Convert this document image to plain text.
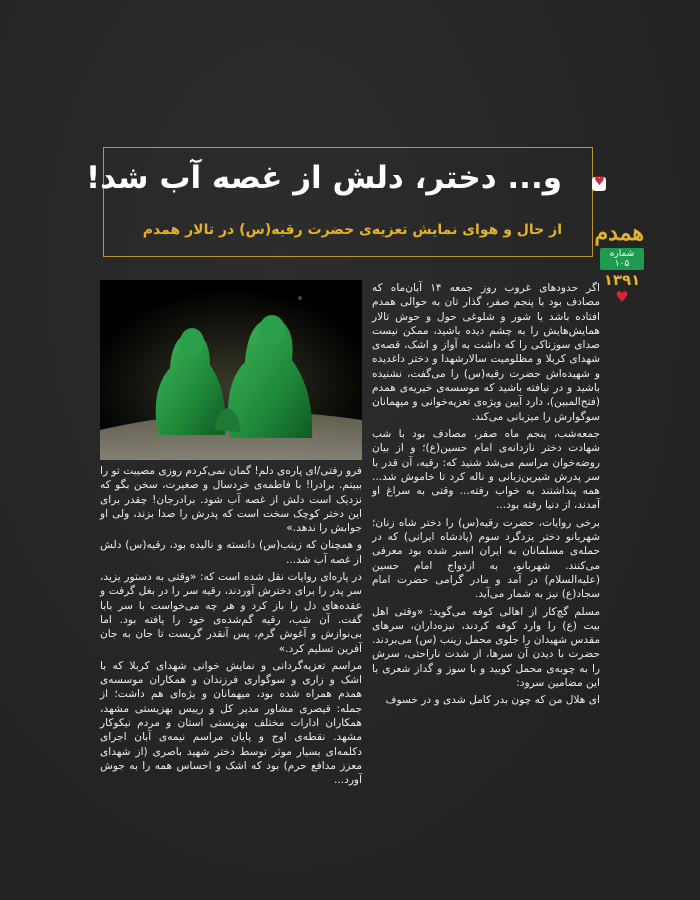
و... دختر، دلش از غصه آب شد!
از حال و هوای نمایش تعزیه‌ی حضرت رقیه(س) در تالار همدم
♥ همدم
شماره ۱۰۵
۱۳۹۱
♥

اگر حدودهای غروب روز جمعه ۱۴ آبان‌ماه که مصادف بود با پنجم صفر، گذار تان به حوالی همدم افتاده باشد یا شور و شلوغی حول و حوش تالار همایش‌هایش را به چشم دیده باشید، ممکن نیست صدای سوزناکی را که داشت به آواز و اشک، قصه‌ی شهدای کربلا و مظلومیت سالارشهدا و دختر داغدیده و شهیده‌اش حضرت رقیه(س) را می‌گفت، نشنیده باشید و در نیافته باشید که موسسه‌ی خیریه‌ی همدم (فتح‌المبین)، دارد آیین ویژه‌ی تعزیه‌خوانی و میهمانان سوگوارش را میزبانی می‌کند.

جمعه‌شب، پنجم ماه صفر، مصادف بود با شب شهادت دختر نازدانه‌ی امام حسین(ع)؛ و از بیان روضه‌خوان مراسم می‌شد شنید که: رقیه، آن قدر با سر پدرش شیرین‌زبانی و ناله کرد تا خاموش شد... همه پنداشتند به خواب رفته... وقتی به سراغ او آمدند، از دنیا رفته بود...

برخی روایات، حضرت رقیه(س) را دختر شاه زنان؛ شهربانو دختر یزدگرد سوم (پادشاه ایرانی) که در حمله‌ی مسلمانان به ایران اسیر شده بود معرفی می‌کنند. شهربانو، به ازدواج امام حسین (علیه‌السلام) در آمد و مادر گرامی حضرت امام سجاد(ع) نیز به شمار می‌آید.

مسلم گچ‌کار از اهالی کوفه می‌گوید: «وقتی اهل بیت (ع) را وارد کوفه کردند، نیزه‌داران، سرهای مقدس شهیدان را جلوی محمل زینب (س) می‌بردند. حضرت با دیدن آن سرها، از شدت ناراحتی، سرش را به چوبه‌ی محمل کوبید و با سوز و گداز شعری با این مضامین سرود:

ای هلال من که چون بدر کامل شدی و در خسوف

فرو رفتی/ای پاره‌ی دلم! گمان نمی‌کردم روزی مصیبت تو را ببینم. برادرا! با فاطمه‌ی خردسال و صغیرت، سخن بگو که نزدیک است دلش از غصه آب شود. برادرجان! چقدر برای این دختر کوچک سخت است که پدرش را صدا بزند، ولی او جوابش را ندهد.»

و همچنان که زینب(س) دانسته و نالیده بود، رقیه(س) دلش از غصه آب شد...

در پاره‌ای روایات نقل شده است که: «وقتی به دستور یزید، سر پدر را برای دخترش آوردند، رقیه سر را در بغل گرفت و عقده‌های دل را باز کرد و هر چه می‌خواست با سر بابا گفت. آن شب، رقیه گم‌شده‌ی خود را یافته بود. اما بی‌نوازش و آغوش گرم، پس آنقدر گریست تا جان به جان آفرین تسلیم کرد.»

مراسم تعزیه‌گردانی و نمایش خوانی شهدای کربلا که با اشک و زاری و سوگواری فرزندان و همکاران موسسه‌ی همدم همراه شده بود، میهمانان و یژه‌ای هم داشت؛ از جمله: قیصری مشاور مدیر کل و رییس بهزیستی مشهد، همکاران ادارات مختلف بهزیستی استان و مردم نیکوکار مشهد. نقطه‌ی اوج و پایان مراسم نیمه‌ی آبان اجرای دکلمه‌ای بسیار موثر توسط دختر شهید باصری (از شهدای معزز مدافع حرم) بود که اشک و احساس همه را به جوش آورد...
